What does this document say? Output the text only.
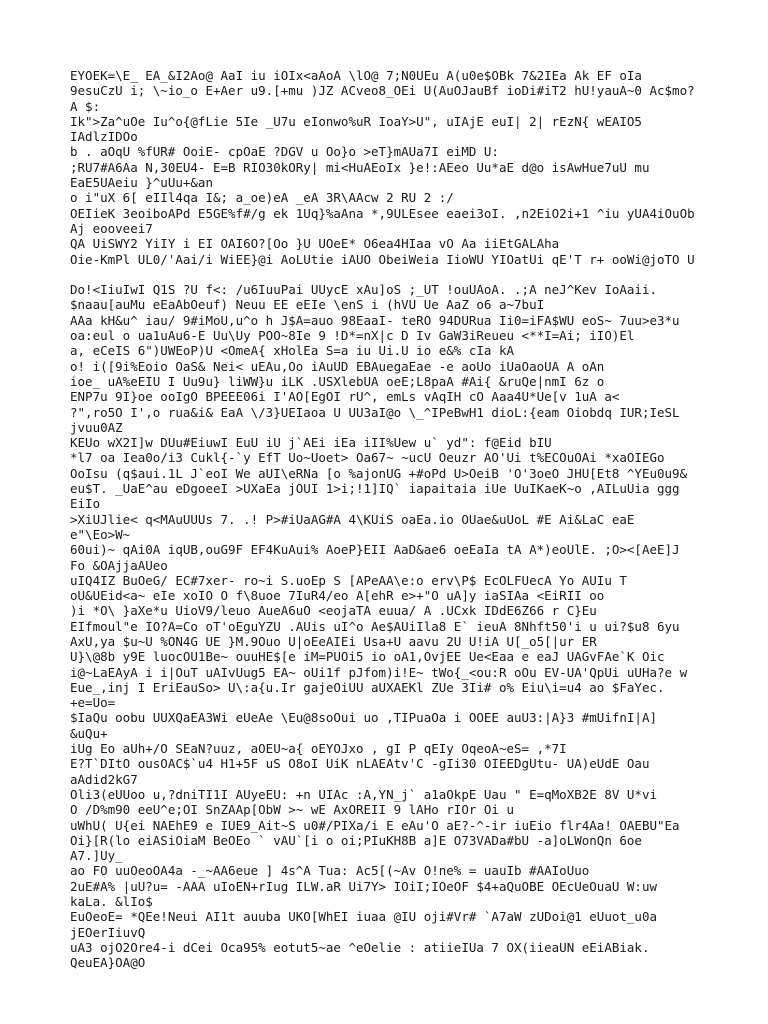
EYOEK=\E_ EA_&I2Ao@ AaI iu iOIx<aAoA \lO@ 7;N0UEu A(u0e$OBk 7&2IEa Ak EF oIa
9esuCzU i; \~io_o E+Aer u9.[+mu )JZ ACveo8_OEi U(AuOJauBf ioDi#iT2 hU!yauA~0 Ac$mo?
A $:
Ik">Za^uOe Iu^o{@fLie 5Ie _U7u eIonwo%uR IoaY>U", uIAjE euI| 2| rEzN{ wEAIO5
IAdlzIDOo
b . aOqU %fUR# OoiE- cpOaE ?DGV u Oo}o >eT}mAUa7I eiMD U:
;RU7#A6Aa N,30EU4- E=B RIO30kORy| mi<HuAEoIx }e!:AEeo Uu*aE d@o isAwHue7uU mu
EaE5UAeiu }^uUu+&an
o i"uX 6[ eIIl4qa I&; a_oe)eA _eA 3R\AAcw 2 RU 2 :/
OEIieK 3eoiboAPd E5GE%f#/g ek 1Uq}%aAna *,9ULEsee eaei3oI. ,n2EiO2i+1 ^iu yUA4iOuOb
Aj eooveei7
QA UiSWY2 YiIY i EI OAI6O?[Oo }U UOeE* O6ea4HIaa vO Aa iiEtGALAha
Oie-KmPl UL0/'Aai/i WiEE}@i AoLUtie iAUO ObeiWeia IioWU YIOatUi qE'T r+ ooWi@joTO U
Do!<IiuIwI Q1S ?U f<: /u6IuuPai UUycE xAu]oS ;_UT !ouUAoA. .;A neJ^Kev IoAaii.
$naau[auMu eEaAbOeuf) Neuu EE eEIe \enS i (hVU Ue AaZ o6 a~7buI
AAa kH&u^ iau/ 9#iMoU,u^o h J$A=auo 98EaaI- teRO 94DURua Ii0=iFA$WU eoS~ 7uu>e3*u
oa:eul o ua1uAu6-E Uu\Uy POO~8Ie 9 !D*=nX|c D Iv GaW3iReueu <**I=Ai; iIO)El
a, eCeIS 6")UWEoP)U <OmeA{ xHolEa S=a iu Ui.U io e&% cIa kA
o! i([9i%Eoio OaS& Nei< uEAu,Oo iAuUD EBAuegaEae -e aoUo iUaOaoUA A oAn
ioe_ uA%eEIU I Uu9u} liWW}u iLK .USXlebUA oeE;L8paA #Ai{ &ruQe|nmI 6z o
ENP7u 9I}oe ooIgO BPEEE06i I'AO[EgOI rU^, emLs vAqIH cO Aaa4U*Ue[v 1uA a<
?",ro5O I',o rua&i& EaA \/3}UEIaoa U UU3aI@o \_^IPeBwH1 dioL:{eam Oiobdq IUR;IeSL
jvuu0AZ
KEUo wX2I]w DUu#EiuwI EuU iU j`AEi iEa iII%Uew u` yd": f@Eid bIU
*l7 oa Iea0o/i3 Cukl{-`y EfT Uo~Uoet> Oa67~ ~ucU Oeuzr AO'Ui t%ECOuOAi *xaOIEGo
OoIsu (q$aui.1L J`eoI We aUI\eRNa [o %ajonUG +#oPd U>OeiB 'O'3oeO JHU[Et8 ^YEu0u9&
eu$T. _UaE^au eDgoeeI >UXaEa jOUI 1>i;!1]IQ` iapaitaia iUe UuIKaeK~o ,AILuUia ggg
EiIo
>XiUJlie< q<MAuUUUs 7. .! P>#iUaAG#A 4\KUiS oaEa.io OUae&uUoL #E Ai&LaC eaE
e"\Eo>W~
60ui)~ qAi0A iqUB,ouG9F EF4KuAui% AoeP}EII AaD&ae6 oeEaIa tA A*)eoUlE. ;O><[AeE]J
Fo &OAjjaAUeo
uIQ4IZ BuOeG/ EC#7xer- ro~i S.uoEp S [APeAA\e:o erv\P$ EcOLFUecA Yo AUIu T
oU&UEid<a~ eIe xoIO O f\8uoe 7IuR4/eo A[ehR e>+"O uA]y iaSIAa <EiRII oo
)i *O\ }aXe*u UioV9/leuo AueA6uO <eojaTA euua/ A .UCxk IDdE6Z66 r C}Eu
EIfmoul"e IO?A=Co oT'oEguYZU .AUis uI^o Ae$AUiIla8 E` ieuA 8Nhft50'i u ui?$u8 6yu
AxU,ya $u~U %ON4G UE }M.9Ouo U|oEeAIEi Usa+U aavu 2U U!iA U[_o5[|ur ER
U}\@8b y9E luocOU1Be~ ouuHE$[e iM=PUOi5 io oA1,OvjEE Ue<Eaa e eaJ UAGvFAe`K Oic
i@~LaEAyA i i|OuT uAIvUug5 EA~ oUi1f pJfom)i!E~ tWo{_<ou:R oOu EV-UA'QpUi uUHa?e w
Eue_,inj I EriEauSo> U\:a{u.Ir gajeOiUU aUXAEKl ZUe 3Ii# o% Eiu\i=u4 ao $FaYec.
+e=Uo=
$IaQu oobu UUXQaEA3Wi eUeAe \Eu@8soOui uo ,TIPuaOa i OOEE auU3:|A}3 #mUifnI|A]
&uQu+
iUg Eo aUh+/O SEaN?uuz, aOEU~a{ oEYOJxo , gI P qEIy OqeoA~eS= ,*7I
E?T`DItO ousOAC$`u4 H1+5F uS O8oI UiK nLAEAtv'C -gIi30 OIEEDgUtu- UA)eUdE Oau
aAdid2kG7
Oli3(eUUoo u,?dniTI1I AUyeEU: +n UIAc :A,YN_j` a1aOkpE Uau " E=qMoXB2E 8V U*vi
O /D%m90 eeU^e;OI SnZAAp[ObW >~ wE AxOREII 9 lAHo rIOr Oi u
uWhU( U{ei NAEhE9 e IUE9_Ait~S u0#/PIXa/i E eAu'O aE?-^-ir iuEio flr4Aa! OAEBU"Ea
Oi}[R(lo eiASiOiaM BeOEo ` vAU`[i o oi;PIuKH8B a]E O73VADa#bU -a]oLWonQn 6oe
A7.]Uy_
ao FO uuOeoOA4a -_~AA6eue ] 4s^A Tua: Ac5[(~Av O!ne% = uauIb #AAIoUuo
2uE#A% |uU?u= -AAA uIoEN+rIug ILW.aR Ui7Y> IOiI;IOeOF $4+aQuOBE OEcUeOuaU W:uw
kaLa. &lIo$
EuOeoE= *QEe!Neui AI1t auuba UKO[WhEI iuaa @IU oji#Vr# `A7aW zUDoi@1 eUuot_u0a
jEOerIiuvQ
uA3 ojO2Ore4-i dCei Oca95% eotut5~ae ^eOelie : atiieIUa 7 OX(iieaUN eEiABiak.
QeuEA}OA@O
